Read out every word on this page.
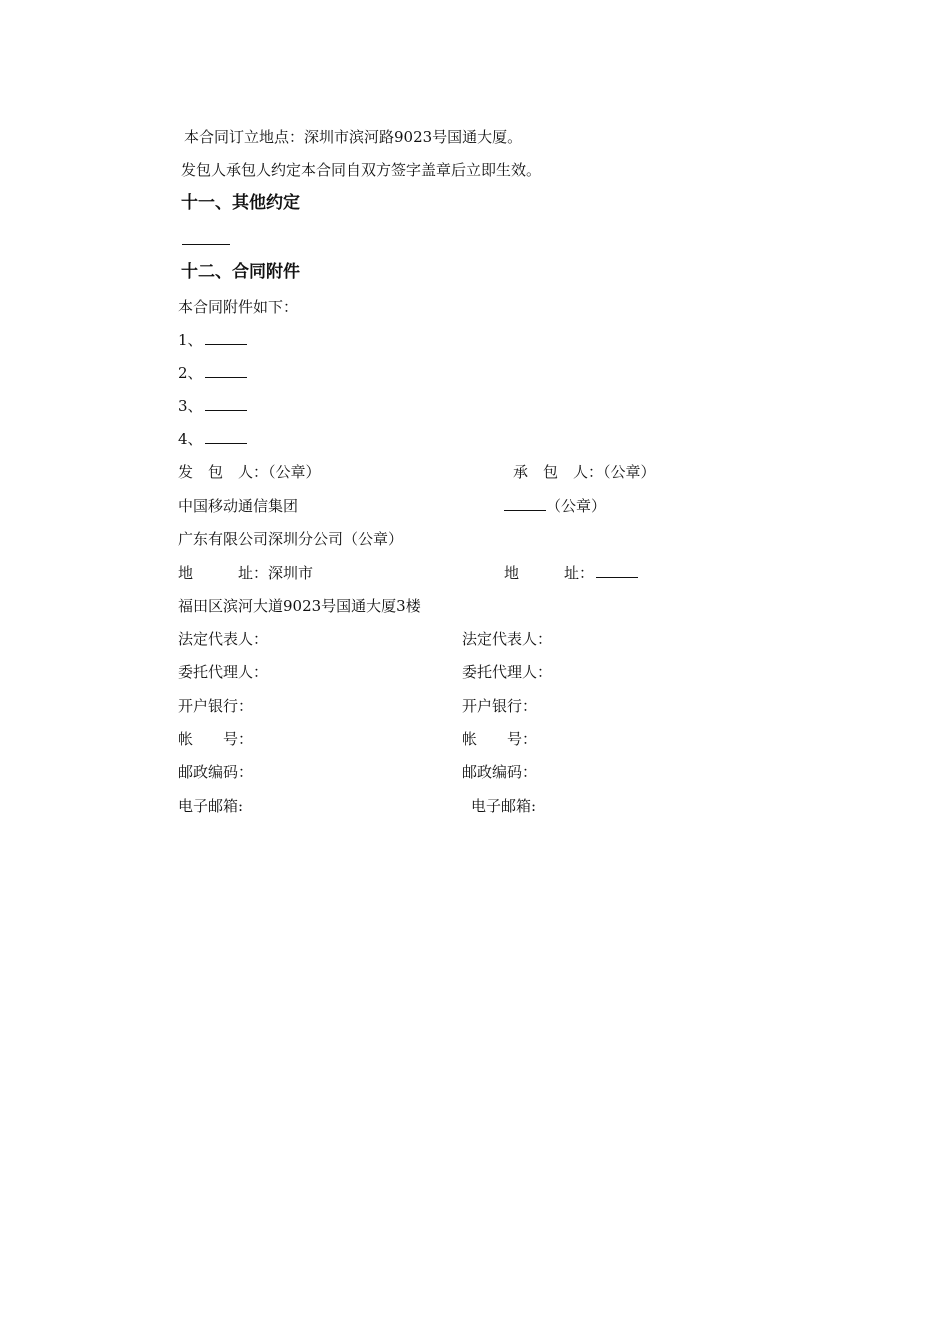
本合同订立地点：深圳市滨河路9023号国通大厦。
发包人承包人约定本合同自双方签字盖章后立即生效。
十一、其他约定
十二、合同附件
本合同附件如下：
1、
2、
3、
4、
发　包　人：（公章）	承　包　人：（公章）
中国移动通信集团	（公章）
广东有限公司深圳分公司（公章）
地　　　址：深圳市	地　　　址：
福田区滨河大道9023号国通大厦3楼
法定代表人：	法定代表人：
委托代理人：	委托代理人：
开户银行：	开户银行：
帐　　号：	帐　　号：
邮政编码：	邮政编码：
电子邮箱:	电子邮箱:
